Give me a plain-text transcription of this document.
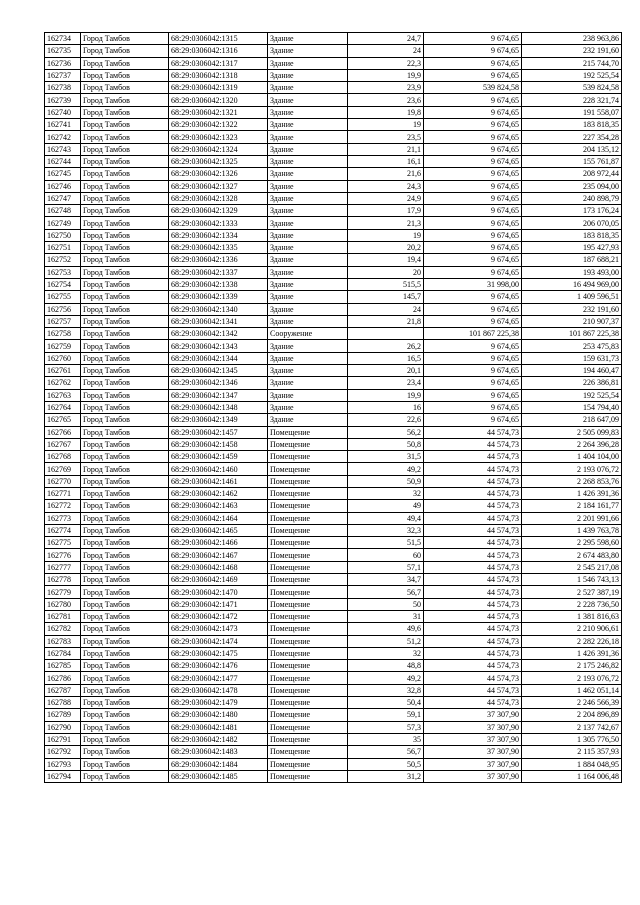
162734	Город Тамбов	68:29:0306042:1315	Здание	24,7	9 674,65	238 963,86
162735	Город Тамбов	68:29:0306042:1316	Здание	24	9 674,65	232 191,60
162736	Город Тамбов	68:29:0306042:1317	Здание	22,3	9 674,65	215 744,70
162737	Город Тамбов	68:29:0306042:1318	Здание	19,9	9 674,65	192 525,54
162738	Город Тамбов	68:29:0306042:1319	Здание	23,9	539 824,58	539 824,58
162739	Город Тамбов	68:29:0306042:1320	Здание	23,6	9 674,65	228 321,74
162740	Город Тамбов	68:29:0306042:1321	Здание	19,8	9 674,65	191 558,07
162741	Город Тамбов	68:29:0306042:1322	Здание	19	9 674,65	183 818,35
162742	Город Тамбов	68:29:0306042:1323	Здание	23,5	9 674,65	227 354,28
162743	Город Тамбов	68:29:0306042:1324	Здание	21,1	9 674,65	204 135,12
162744	Город Тамбов	68:29:0306042:1325	Здание	16,1	9 674,65	155 761,87
162745	Город Тамбов	68:29:0306042:1326	Здание	21,6	9 674,65	208 972,44
162746	Город Тамбов	68:29:0306042:1327	Здание	24,3	9 674,65	235 094,00
162747	Город Тамбов	68:29:0306042:1328	Здание	24,9	9 674,65	240 898,79
162748	Город Тамбов	68:29:0306042:1329	Здание	17,9	9 674,65	173 176,24
162749	Город Тамбов	68:29:0306042:1333	Здание	21,3	9 674,65	206 070,05
162750	Город Тамбов	68:29:0306042:1334	Здание	19	9 674,65	183 818,35
162751	Город Тамбов	68:29:0306042:1335	Здание	20,2	9 674,65	195 427,93
162752	Город Тамбов	68:29:0306042:1336	Здание	19,4	9 674,65	187 688,21
162753	Город Тамбов	68:29:0306042:1337	Здание	20	9 674,65	193 493,00
162754	Город Тамбов	68:29:0306042:1338	Здание	515,5	31 998,00	16 494 969,00
162755	Город Тамбов	68:29:0306042:1339	Здание	145,7	9 674,65	1 409 596,51
162756	Город Тамбов	68:29:0306042:1340	Здание	24	9 674,65	232 191,60
162757	Город Тамбов	68:29:0306042:1341	Здание	21,8	9 674,65	210 907,37
162758	Город Тамбов	68:29:0306042:1342	Сооружение		101 867 225,38	101 867 225,38
162759	Город Тамбов	68:29:0306042:1343	Здание	26,2	9 674,65	253 475,83
162760	Город Тамбов	68:29:0306042:1344	Здание	16,5	9 674,65	159 631,73
162761	Город Тамбов	68:29:0306042:1345	Здание	20,1	9 674,65	194 460,47
162762	Город Тамбов	68:29:0306042:1346	Здание	23,4	9 674,65	226 386,81
162763	Город Тамбов	68:29:0306042:1347	Здание	19,9	9 674,65	192 525,54
162764	Город Тамбов	68:29:0306042:1348	Здание	16	9 674,65	154 794,40
162765	Город Тамбов	68:29:0306042:1349	Здание	22,6	9 674,65	218 647,09
162766	Город Тамбов	68:29:0306042:1457	Помещение	56,2	44 574,73	2 505 099,83
162767	Город Тамбов	68:29:0306042:1458	Помещение	50,8	44 574,73	2 264 396,28
162768	Город Тамбов	68:29:0306042:1459	Помещение	31,5	44 574,73	1 404 104,00
162769	Город Тамбов	68:29:0306042:1460	Помещение	49,2	44 574,73	2 193 076,72
162770	Город Тамбов	68:29:0306042:1461	Помещение	50,9	44 574,73	2 268 853,76
162771	Город Тамбов	68:29:0306042:1462	Помещение	32	44 574,73	1 426 391,36
162772	Город Тамбов	68:29:0306042:1463	Помещение	49	44 574,73	2 184 161,77
162773	Город Тамбов	68:29:0306042:1464	Помещение	49,4	44 574,73	2 201 991,66
162774	Город Тамбов	68:29:0306042:1465	Помещение	32,3	44 574,73	1 439 763,78
162775	Город Тамбов	68:29:0306042:1466	Помещение	51,5	44 574,73	2 295 598,60
162776	Город Тамбов	68:29:0306042:1467	Помещение	60	44 574,73	2 674 483,80
162777	Город Тамбов	68:29:0306042:1468	Помещение	57,1	44 574,73	2 545 217,08
162778	Город Тамбов	68:29:0306042:1469	Помещение	34,7	44 574,73	1 546 743,13
162779	Город Тамбов	68:29:0306042:1470	Помещение	56,7	44 574,73	2 527 387,19
162780	Город Тамбов	68:29:0306042:1471	Помещение	50	44 574,73	2 228 736,50
162781	Город Тамбов	68:29:0306042:1472	Помещение	31	44 574,73	1 381 816,63
162782	Город Тамбов	68:29:0306042:1473	Помещение	49,6	44 574,73	2 210 906,61
162783	Город Тамбов	68:29:0306042:1474	Помещение	51,2	44 574,73	2 282 226,18
162784	Город Тамбов	68:29:0306042:1475	Помещение	32	44 574,73	1 426 391,36
162785	Город Тамбов	68:29:0306042:1476	Помещение	48,8	44 574,73	2 175 246,82
162786	Город Тамбов	68:29:0306042:1477	Помещение	49,2	44 574,73	2 193 076,72
162787	Город Тамбов	68:29:0306042:1478	Помещение	32,8	44 574,73	1 462 051,14
162788	Город Тамбов	68:29:0306042:1479	Помещение	50,4	44 574,73	2 246 566,39
162789	Город Тамбов	68:29:0306042:1480	Помещение	59,1	37 307,90	2 204 896,89
162790	Город Тамбов	68:29:0306042:1481	Помещение	57,3	37 307,90	2 137 742,67
162791	Город Тамбов	68:29:0306042:1482	Помещение	35	37 307,90	1 305 776,50
162792	Город Тамбов	68:29:0306042:1483	Помещение	56,7	37 307,90	2 115 357,93
162793	Город Тамбов	68:29:0306042:1484	Помещение	50,5	37 307,90	1 884 048,95
162794	Город Тамбов	68:29:0306042:1485	Помещение	31,2	37 307,90	1 164 006,48
